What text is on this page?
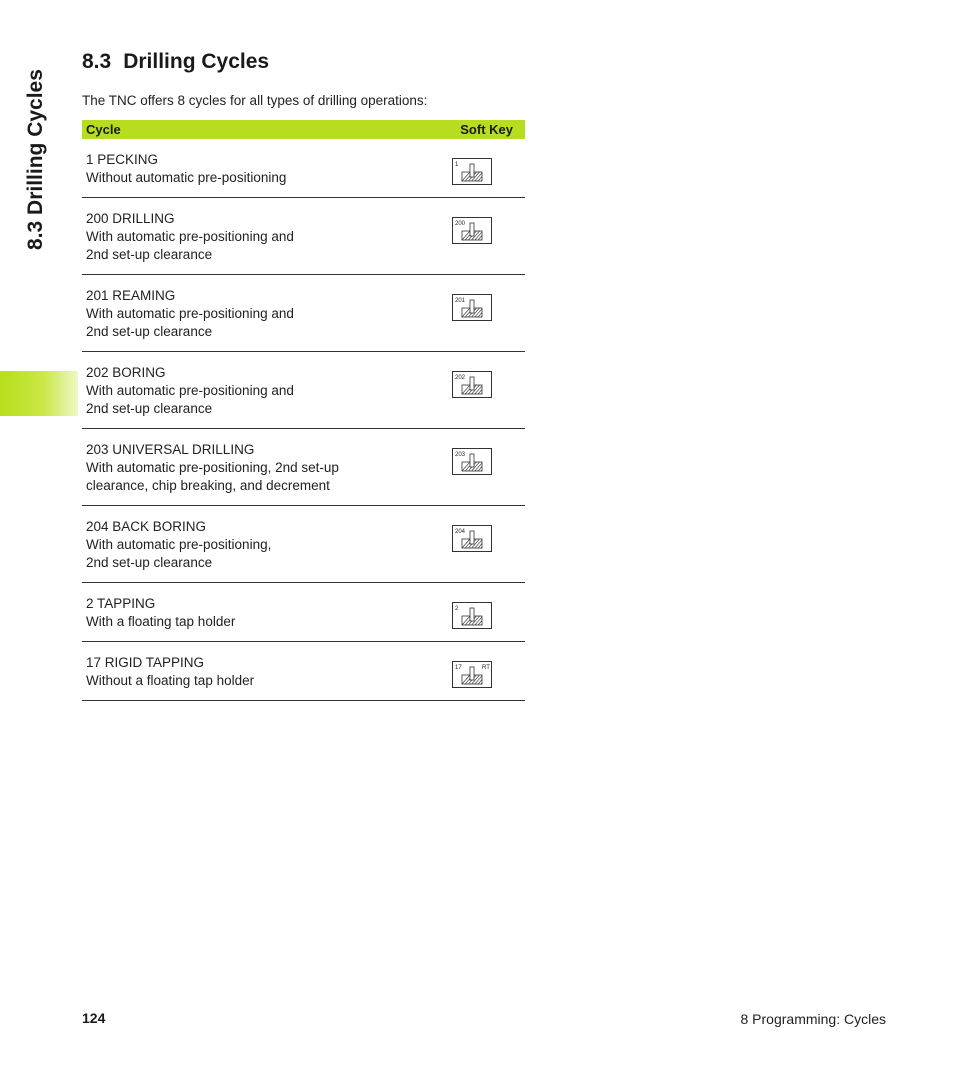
8.3 Drilling Cycles
8.3 Drilling Cycles

The TNC offers 8 cycles for all types of drilling operations:

Cycle	Soft Key

1 PECKING
Without automatic pre-positioning	1

200 DRILLING
With automatic pre-positioning and
2nd set-up clearance	200

201 REAMING
With automatic pre-positioning and
2nd set-up clearance	201

202 BORING
With automatic pre-positioning and
2nd set-up clearance	202

203 UNIVERSAL DRILLING
With automatic pre-positioning, 2nd set-up
clearance, chip breaking, and decrement	203

204 BACK BORING
With automatic pre-positioning,
2nd set-up clearance	204

2 TAPPING
With a floating tap holder	2

17 RIGID TAPPING
Without a floating tap holder	17 RT
124	8 Programming: Cycles
